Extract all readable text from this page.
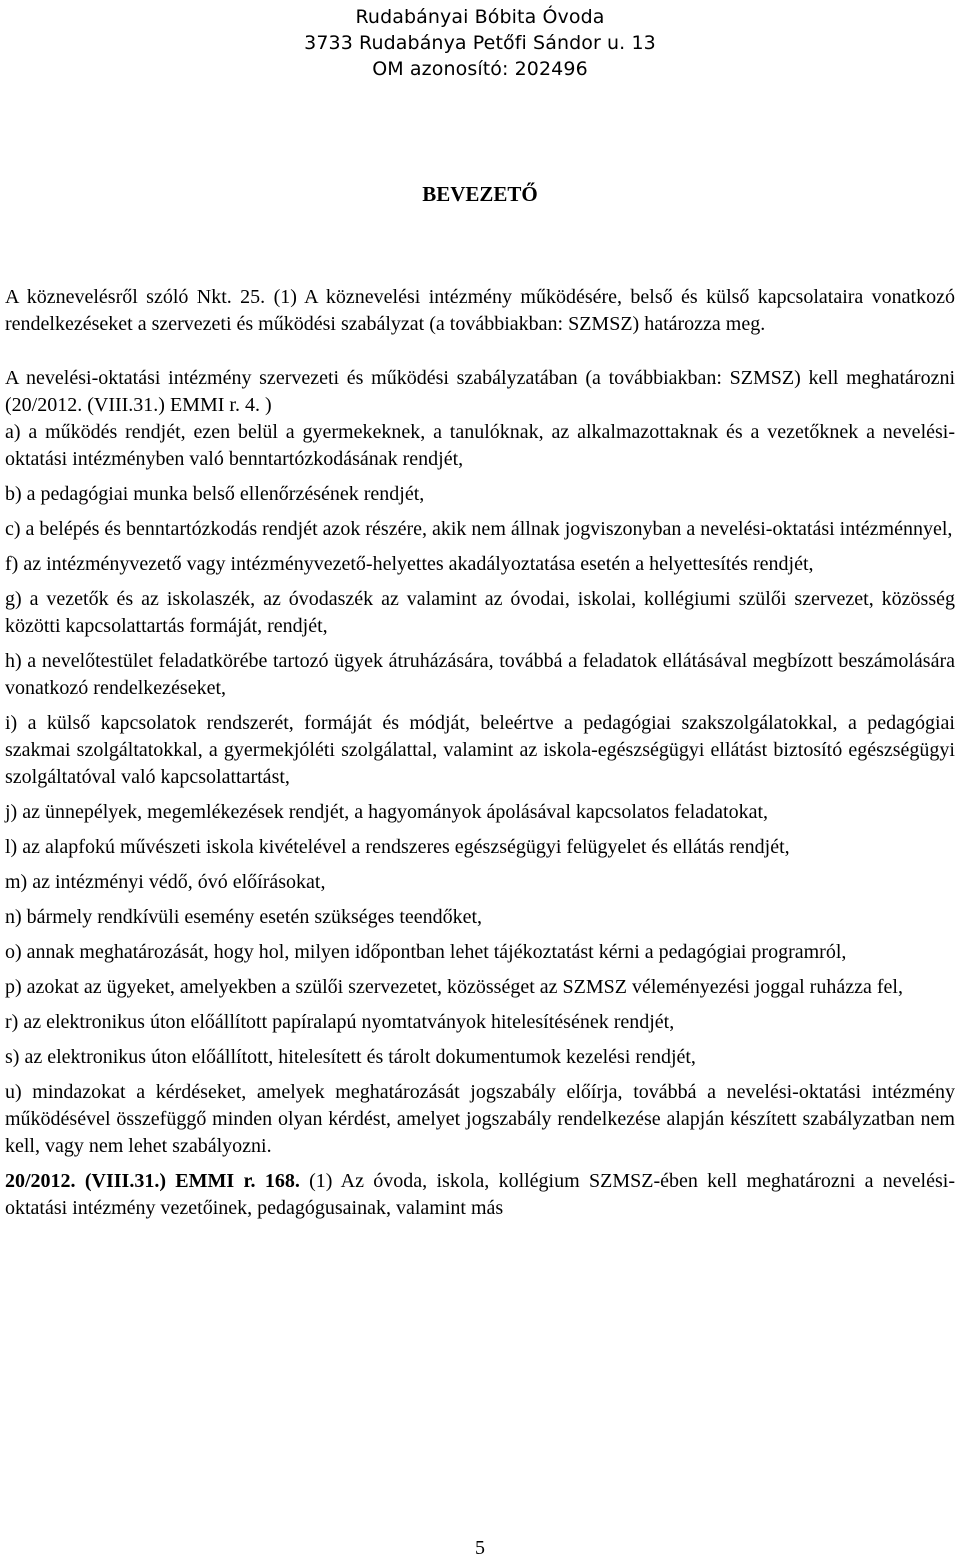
Rudabányai Bóbita Óvoda
3733 Rudabánya Petőfi Sándor u. 13
OM azonosító: 202496
BEVEZETŐ

A köznevelésről szóló Nkt. 25. (1) A köznevelési intézmény működésére, belső és külső kapcsolataira vonatkozó rendelkezéseket a szervezeti és működési szabályzat (a továbbiakban: SZMSZ) határozza meg.

A nevelési-oktatási intézmény szervezeti és működési szabályzatában (a továbbiakban: SZMSZ) kell meghatározni (20/2012. (VIII.31.) EMMI r. 4. )

a) a működés rendjét, ezen belül a gyermekeknek, a tanulóknak, az alkalmazottaknak és a vezetőknek a nevelési-oktatási intézményben való benntartózkodásának rendjét,

b) a pedagógiai munka belső ellenőrzésének rendjét,

c) a belépés és benntartózkodás rendjét azok részére, akik nem állnak jogviszonyban a nevelési-oktatási intézménnyel,

f) az intézményvezető vagy intézményvezető-helyettes akadályoztatása esetén a helyettesítés rendjét,

g) a vezetők és az iskolaszék, az óvodaszék az valamint az óvodai, iskolai, kollégiumi szülői szervezet, közösség közötti kapcsolattartás formáját, rendjét,

h) a nevelőtestület feladatkörébe tartozó ügyek átruházására, továbbá a feladatok ellátásával megbízott beszámolására vonatkozó rendelkezéseket,

i) a külső kapcsolatok rendszerét, formáját és módját, beleértve a pedagógiai szakszolgálatokkal, a pedagógiai szakmai szolgáltatokkal, a gyermekjóléti szolgálattal, valamint az iskola-egészségügyi ellátást biztosító egészségügyi szolgáltatóval való kapcsolattartást,

j) az ünnepélyek, megemlékezések rendjét, a hagyományok ápolásával kapcsolatos feladatokat,

l) az alapfokú művészeti iskola kivételével a rendszeres egészségügyi felügyelet és ellátás rendjét,

m) az intézményi védő, óvó előírásokat,

n) bármely rendkívüli esemény esetén szükséges teendőket,

o) annak meghatározását, hogy hol, milyen időpontban lehet tájékoztatást kérni a pedagógiai programról,

p) azokat az ügyeket, amelyekben a szülői szervezetet, közösséget az SZMSZ véleményezési joggal ruházza fel,

r) az elektronikus úton előállított papíralapú nyomtatványok hitelesítésének rendjét,

s) az elektronikus úton előállított, hitelesített és tárolt dokumentumok kezelési rendjét,

u) mindazokat a kérdéseket, amelyek meghatározását jogszabály előírja, továbbá a nevelési-oktatási intézmény működésével összefüggő minden olyan kérdést, amelyet jogszabály rendelkezése alapján készített szabályzatban nem kell, vagy nem lehet szabályozni.

20/2012. (VIII.31.) EMMI r. 168. (1) Az óvoda, iskola, kollégium SZMSZ-ében kell meghatározni a nevelési-oktatási intézmény vezetőinek, pedagógusainak, valamint más

5
